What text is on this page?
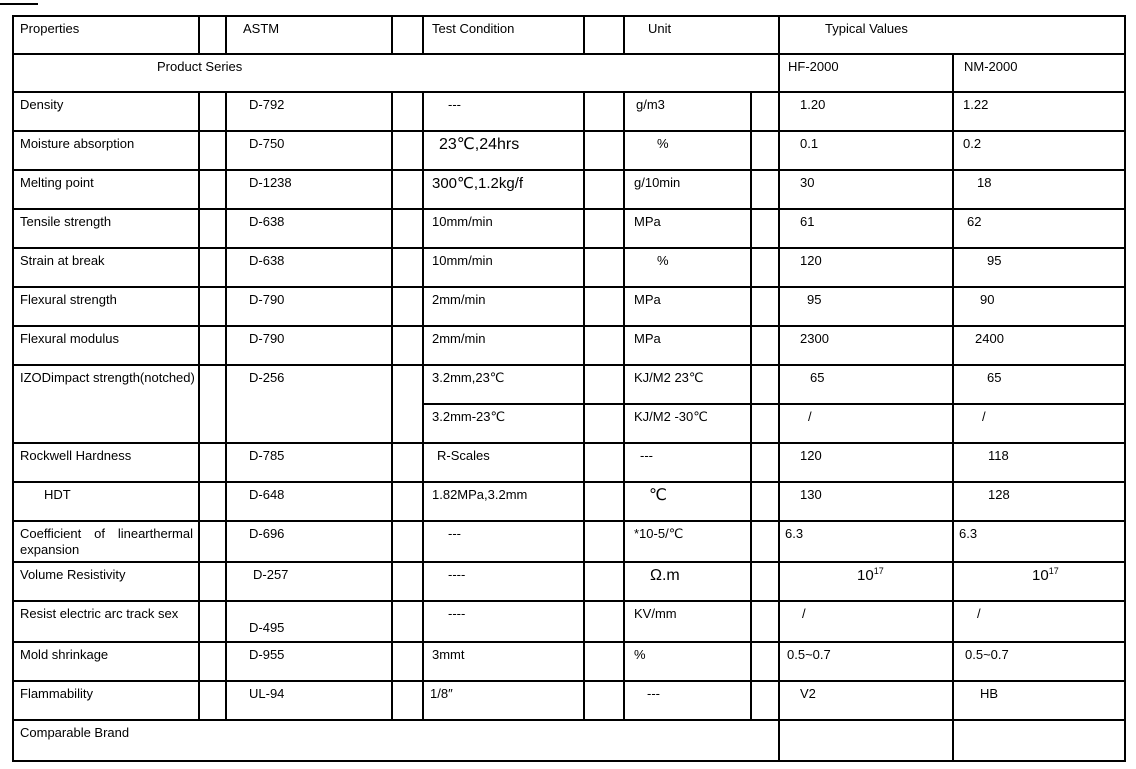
Properties		ASTM		Test Condition		Unit		Typical Values	
Product Series								HF-2000	NM-2000
Density		D-792		---		g/m3		1.20	1.22
Moisture absorption		D-750		23℃,24hrs		%		0.1	0.2
Melting point		D-1238		300℃,1.2kg/f		g/10min		30	18
Tensile strength		D-638		10mm/min		MPa		61	62
Strain at break		D-638		10mm/min		%		120	95
Flexural strength		D-790		2mm/min		MPa		95	90
Flexural modulus		D-790		2mm/min		MPa		2300	2400
IZODimpact strength(notched)		D-256		3.2mm,23℃		KJ/M2 23℃		65	65
				3.2mm-23℃		KJ/M2 -30℃		/	/
Rockwell Hardness		D-785		R-Scales		---		120	118
HDT		D-648		1.82MPa,3.2mm		℃		130	128
Coefficient of linearthermal expansion		D-696		---		*10-5/℃		6.3	6.3
Volume Resistivity		D-257		----		Ω.m		$10^{17}$	$10^{17}$
Resist electric arc track sex		D-495		----		KV/mm		/	/
Mold shrinkage		D-955		3mmt		%		0.5~0.7	0.5~0.7
Flammability		UL-94		1/8″		---		V2	HB
Comparable Brand									
